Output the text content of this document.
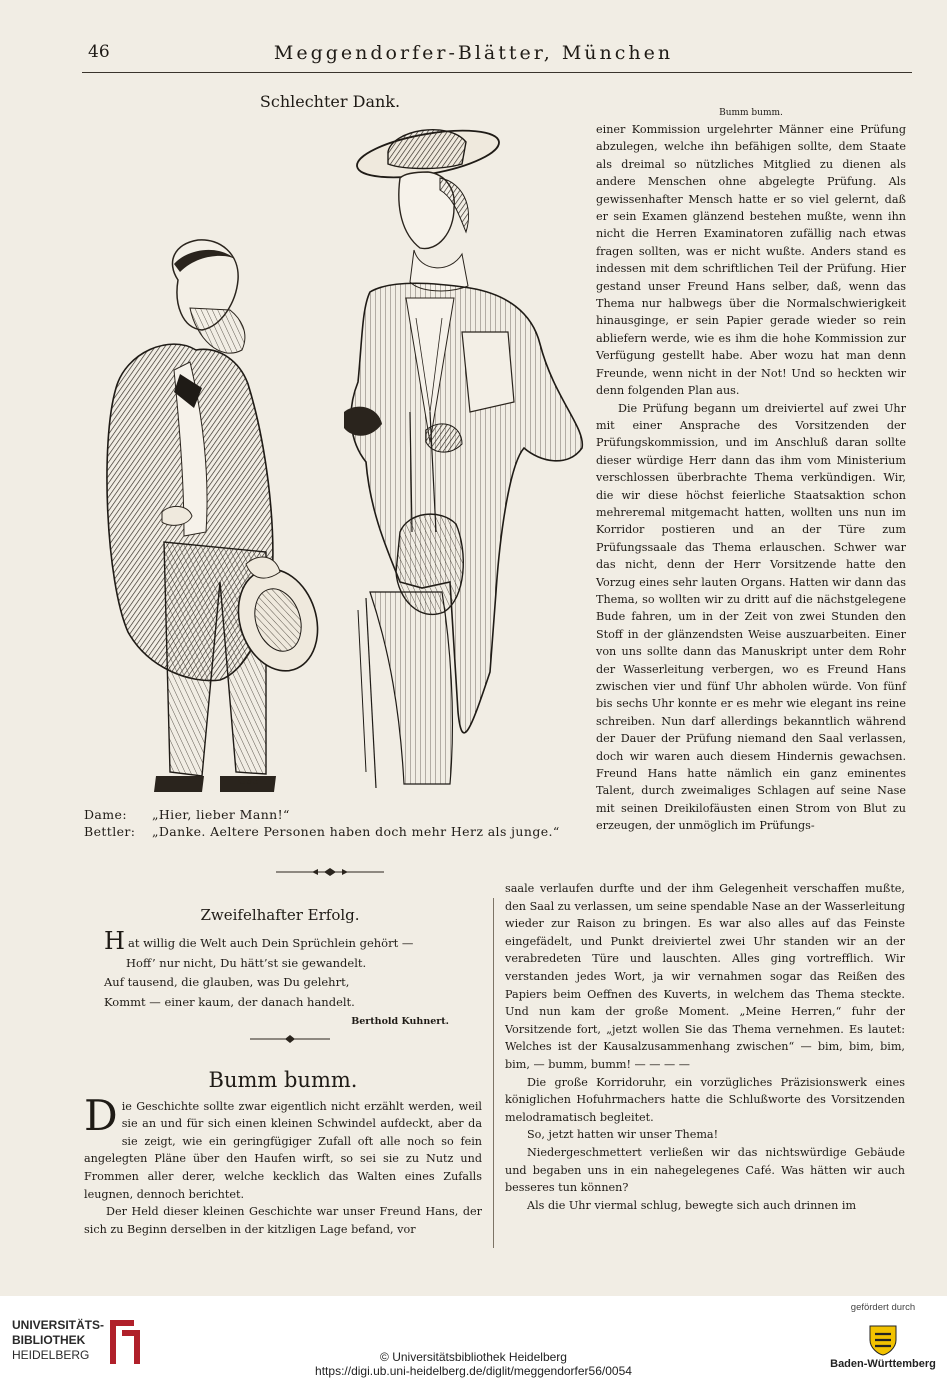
46	Meggendorfer-Blätter, München
Schlechter Dank.
G93
Dame: „Hier, lieber Mann!“
Bettler: „Danke. Aeltere Personen haben doch mehr Herz als junge.“
Bumm bumm.

einer Kommission urgelehrter Männer eine Prüfung abzulegen, welche ihn befähigen sollte, dem Staate als dreimal so nützliches Mitglied zu dienen als andere Menschen ohne abgelegte Prüfung. Als gewissenhafter Mensch hatte er so viel gelernt, daß er sein Examen glänzend bestehen mußte, wenn ihn nicht die Herren Examinatoren zufällig nach etwas fragen sollten, was er nicht wußte. Anders stand es indessen mit dem schriftlichen Teil der Prüfung. Hier gestand unser Freund Hans selber, daß, wenn das Thema nur halbwegs über die Normalschwierigkeit hinausginge, er sein Papier gerade wieder so rein abliefern werde, wie es ihm die hohe Kommission zur Verfügung gestellt habe. Aber wozu hat man denn Freunde, wenn nicht in der Not! Und so heckten wir denn folgenden Plan aus.

Die Prüfung begann um dreiviertel auf zwei Uhr mit einer Ansprache des Vorsitzenden der Prüfungskommission, und im Anschluß daran sollte dieser würdige Herr dann das ihm vom Ministerium verschlossen überbrachte Thema verkündigen. Wir, die wir diese höchst feierliche Staatsaktion schon mehreremal mitgemacht hatten, wollten uns nun im Korridor postieren und an der Türe zum Prüfungssaale das Thema erlauschen. Schwer war das nicht, denn der Herr Vorsitzende hatte den Vorzug eines sehr lauten Organs. Hatten wir dann das Thema, so wollten wir zu dritt auf die nächstgelegene Bude fahren, um in der Zeit von zwei Stunden den Stoff in der glänzendsten Weise auszuarbeiten. Einer von uns sollte dann das Manuskript unter dem Rohr der Wasserleitung verbergen, wo es Freund Hans zwischen vier und fünf Uhr abholen würde. Von fünf bis sechs Uhr konnte er es mehr wie elegant ins reine schreiben. Nun darf allerdings bekanntlich während der Dauer der Prüfung niemand den Saal verlassen, doch wir waren auch diesem Hindernis gewachsen. Freund Hans hatte nämlich ein ganz eminentes Talent, durch zweimaliges Schlagen auf seine Nase mit seinen Dreikilofäusten einen Strom von Blut zu erzeugen, der unmöglich im Prüfungs-

Zweifelhafter Erfolg.
Hat willig die Welt auch Dein Sprüchlein gehört —
Hoff’ nur nicht, Du hätt’st sie gewandelt.
Auf tausend, die glauben, was Du gelehrt,
Kommt — einer kaum, der danach handelt.
Berthold Kuhnert.
Bumm bumm.

Die Geschichte sollte zwar eigentlich nicht erzählt werden, weil sie an und für sich einen kleinen Schwindel aufdeckt, aber da sie zeigt, wie ein geringfügiger Zufall oft alle noch so fein angelegten Pläne über den Haufen wirft, so sei sie zu Nutz und Frommen aller derer, welche kecklich das Walten eines Zufalls leugnen, dennoch berichtet.

Der Held dieser kleinen Geschichte war unser Freund Hans, der sich zu Beginn derselben in der kitzligen Lage befand, vor

saale verlaufen durfte und der ihm Gelegenheit verschaffen mußte, den Saal zu verlassen, um seine spendable Nase an der Wasserleitung wieder zur Raison zu bringen. Es war also alles auf das Feinste eingefädelt, und Punkt dreiviertel zwei Uhr standen wir an der verabredeten Türe und lauschten. Alles ging vortrefflich. Wir verstanden jedes Wort, ja wir vernahmen sogar das Reißen des Papiers beim Oeffnen des Kuverts, in welchem das Thema steckte. Und nun kam der große Moment. „Meine Herren,“ fuhr der Vorsitzende fort, „jetzt wollen Sie das Thema vernehmen. Es lautet: Welches ist der Kausalzusammenhang zwischen“ — bim, bim, bim, bim, — bumm, bumm! — — — —

Die große Korridoruhr, ein vorzügliches Präzisionswerk eines königlichen Hofuhrmachers hatte die Schlußworte des Vorsitzenden melodramatisch begleitet.

So, jetzt hatten wir unser Thema!

Niedergeschmettert verließen wir das nichtswürdige Gebäude und begaben uns in ein nahegelegenes Café. Was hätten wir auch besseres tun können?

Als die Uhr viermal schlug, bewegte sich auch drinnen im

UNIVERSITÄTS-
BIBLIOTHEK
HEIDELBERG	© Universitätsbibliothek Heidelberg
https://digi.ub.uni-heidelberg.de/diglit/meggendorfer56/0054
gefördert durch
Baden-Württemberg
